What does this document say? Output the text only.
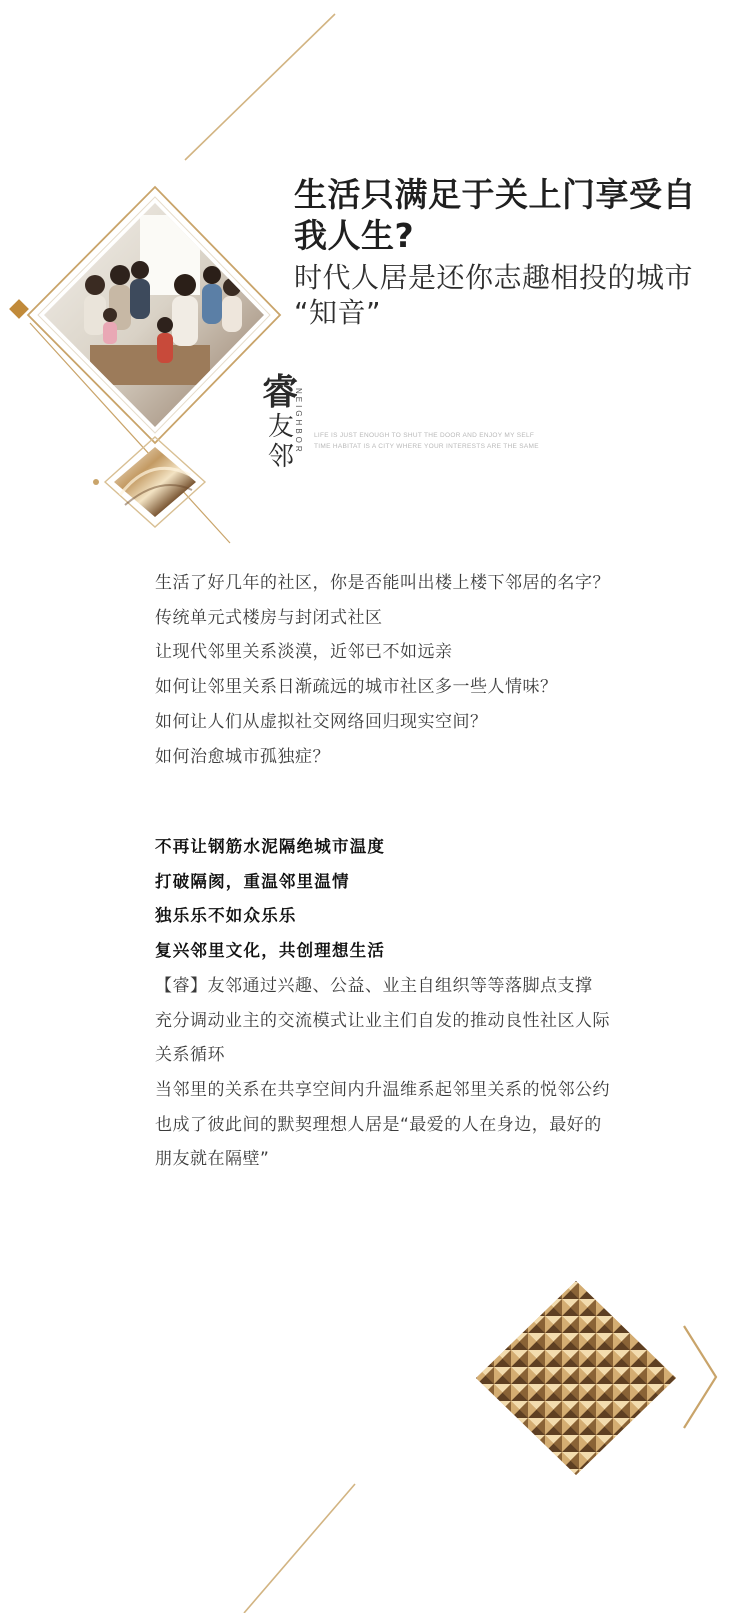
生活只满足于关上门享受自

我人生?

时代人居是还你志趣相投的城市

“知音”

睿
友
邻
NEIGHBOR LIFE IS JUST ENOUGH TO SHUT THE DOOR AND ENJOY MY SELF
TIME HABITAT IS A CITY WHERE YOUR INTERESTS ARE THE SAME

生活了好几年的社区，你是否能叫出楼上楼下邻居的名字？

传统单元式楼房与封闭式社区

让现代邻里关系淡漠，近邻已不如远亲

如何让邻里关系日渐疏远的城市社区多一些人情味？

如何让人们从虚拟社交网络回归现实空间？

如何治愈城市孤独症？

不再让钢筋水泥隔绝城市温度

打破隔阂，重温邻里温情

独乐乐不如众乐乐

复兴邻里文化，共创理想生活

【睿】友邻通过兴趣、公益、业主自组织等等落脚点支撑

充分调动业主的交流模式让业主们自发的推动良性社区人际

关系循环

当邻里的关系在共享空间内升温维系起邻里关系的悦邻公约

也成了彼此间的默契理想人居是“最爱的人在身边，最好的

朋友就在隔壁”
